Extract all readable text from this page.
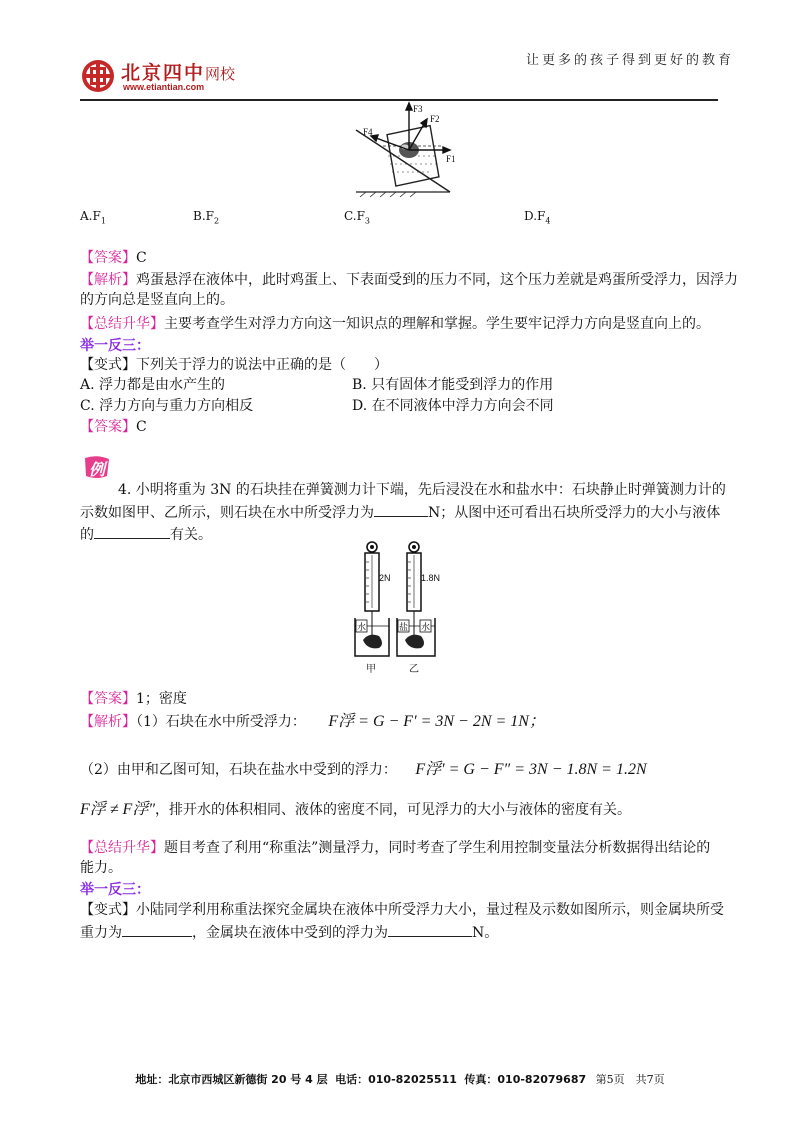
北京四中网校
www.etiantian.com
让更多的孩子得到更好的教育
F3
F2
F4
F1
$A.F_1$	$B.F_2$	$C.F_3$	$D.F_4$
【答案】C
【解析】鸡蛋悬浮在液体中，此时鸡蛋上、下表面受到的压力不同，这个压力差就是鸡蛋所受浮力，因浮力
的方向总是竖直向上的。
【总结升华】主要考查学生对浮力方向这一知识点的理解和掌握。学生要牢记浮力方向是竖直向上的。
举一反三：
【变式】下列关于浮力的说法中正确的是（　　）
A. 浮力都是由水产生的	B. 只有固体才能受到浮力的作用
C. 浮力方向与重力方向相反	D. 在不同液体中浮力方向会不同
【答案】C
例
4. 小明将重为 3N 的石块挂在弹簧测力计下端，先后浸没在水和盐水中：石块静止时弹簧测力计的
示数如图甲、乙所示，则石块在水中所受浮力为	N；从图中还可看出石块所受浮力的大小与液体
的	有关。
2N
水
甲
1.8N
盐 水
乙
【答案】1；密度
【解析】（1）石块在水中所受浮力： F浮 = G − F′ = 3N − 2N = 1N；
（2）由甲和乙图可知，石块在盐水中受到的浮力： F浮′ = G − F″ = 3N − 1.8N = 1.2N
F浮 ≠ F浮″，排开水的体积相同、液体的密度不同，可见浮力的大小与液体的密度有关。
【总结升华】题目考查了利用“称重法”测量浮力，同时考查了学生利用控制变量法分析数据得出结论的
能力。
举一反三：
【变式】小陆同学利用称重法探究金属块在液体中所受浮力大小，量过程及示数如图所示，则金属块所受
重力为	，金属块在液体中受到的浮力为	N。
地址：北京市西城区新德街 20 号 4 层 电话：010-82025511 传真：010-82079687 第5页　共7页
